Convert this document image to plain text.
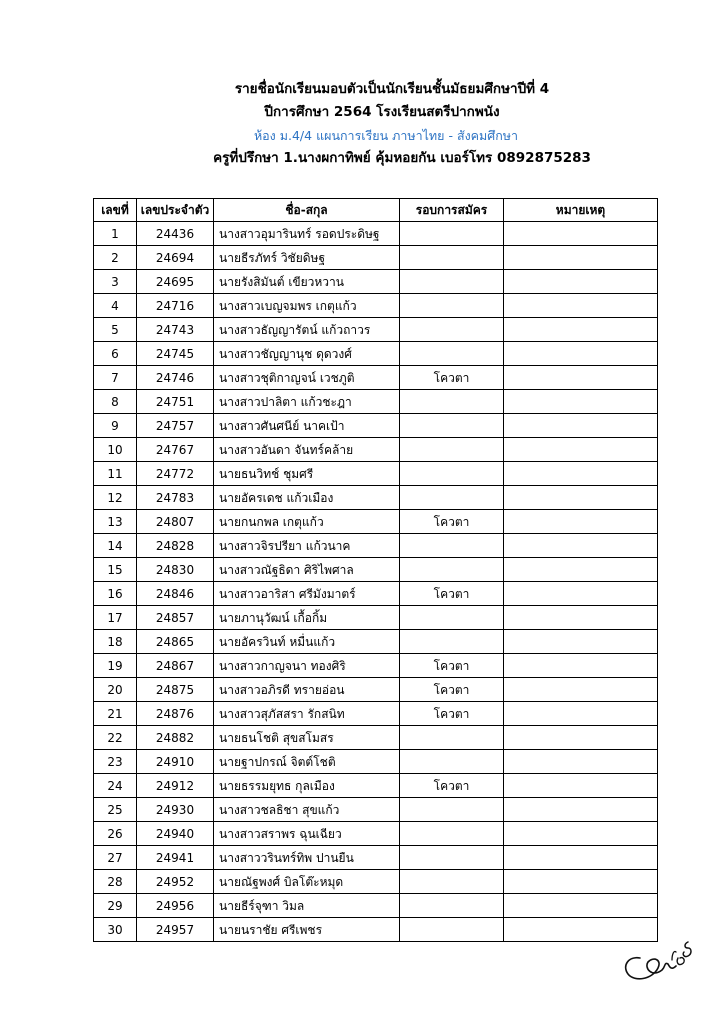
รายชื่อนักเรียนมอบตัวเป็นนักเรียนชั้นมัธยมศึกษาปีที่ 4
ปีการศึกษา 2564 โรงเรียนสตรีปากพนัง
ห้อง ม.4/4 แผนการเรียน ภาษาไทย - สังคมศึกษา
ครูที่ปรึกษา 1.นางผกาทิพย์ คุ้มหอยกัน เบอร์โทร 0892875283
เลขที่	เลขประจำตัว	ชื่อ-สกุล	รอบการสมัคร	หมายเหตุ
1	24436	นางสาวอุมารินทร์ รอดประดิษฐ		
2	24694	นายธีรภัทร์ วิชัยดิษฐ		
3	24695	นายรังสิมันต์ เขียวหวาน		
4	24716	นางสาวเบญจมพร เกตุแก้ว		
5	24743	นางสาวธัญญารัตน์ แก้วถาวร		
6	24745	นางสาวชัญญานุช ดุดวงศ์		
7	24746	นางสาวชุติกาญจน์ เวชภูติ	โควตา	
8	24751	นางสาวปาลิตา แก้วชะฎา		
9	24757	นางสาวศันศนีย์ นาคเป้า		
10	24767	นางสาวอันดา จันทร์คล้าย		
11	24772	นายธนวิทช์ ชุมศรี		
12	24783	นายอัครเดช แก้วเมือง		
13	24807	นายกนกพล เกตุแก้ว	โควตา	
14	24828	นางสาวจิรปรียา แก้วนาค		
15	24830	นางสาวณัฐธิดา ศิริไพศาล		
16	24846	นางสาวอาริสา ศรีมังมาตร์	โควตา	
17	24857	นายภานุวัฒน์ เกื้อกิ้ม		
18	24865	นายอัครวินท์ หมื่นแก้ว		
19	24867	นางสาวกาญจนา ทองศิริ	โควตา	
20	24875	นางสาวอภิรดี ทรายอ่อน	โควตา	
21	24876	นางสาวสุภัสสรา รักสนิท	โควตา	
22	24882	นายธนโชติ สุขสโมสร		
23	24910	นายฐาปกรณ์ จิตต์โชติ		
24	24912	นายธรรมยุทธ กุลเมือง	โควตา	
25	24930	นางสาวชลธิชา สุขแก้ว		
26	24940	นางสาวสราพร ฉุนเฉียว		
27	24941	นางสาววรินทร์ทิพ ปานยืน		
28	24952	นายณัฐพงศ์ บิลโต๊ะหมุด		
29	24956	นายธีร์จุฑา วิมล		
30	24957	นายนราชัย ศรีเพชร		
